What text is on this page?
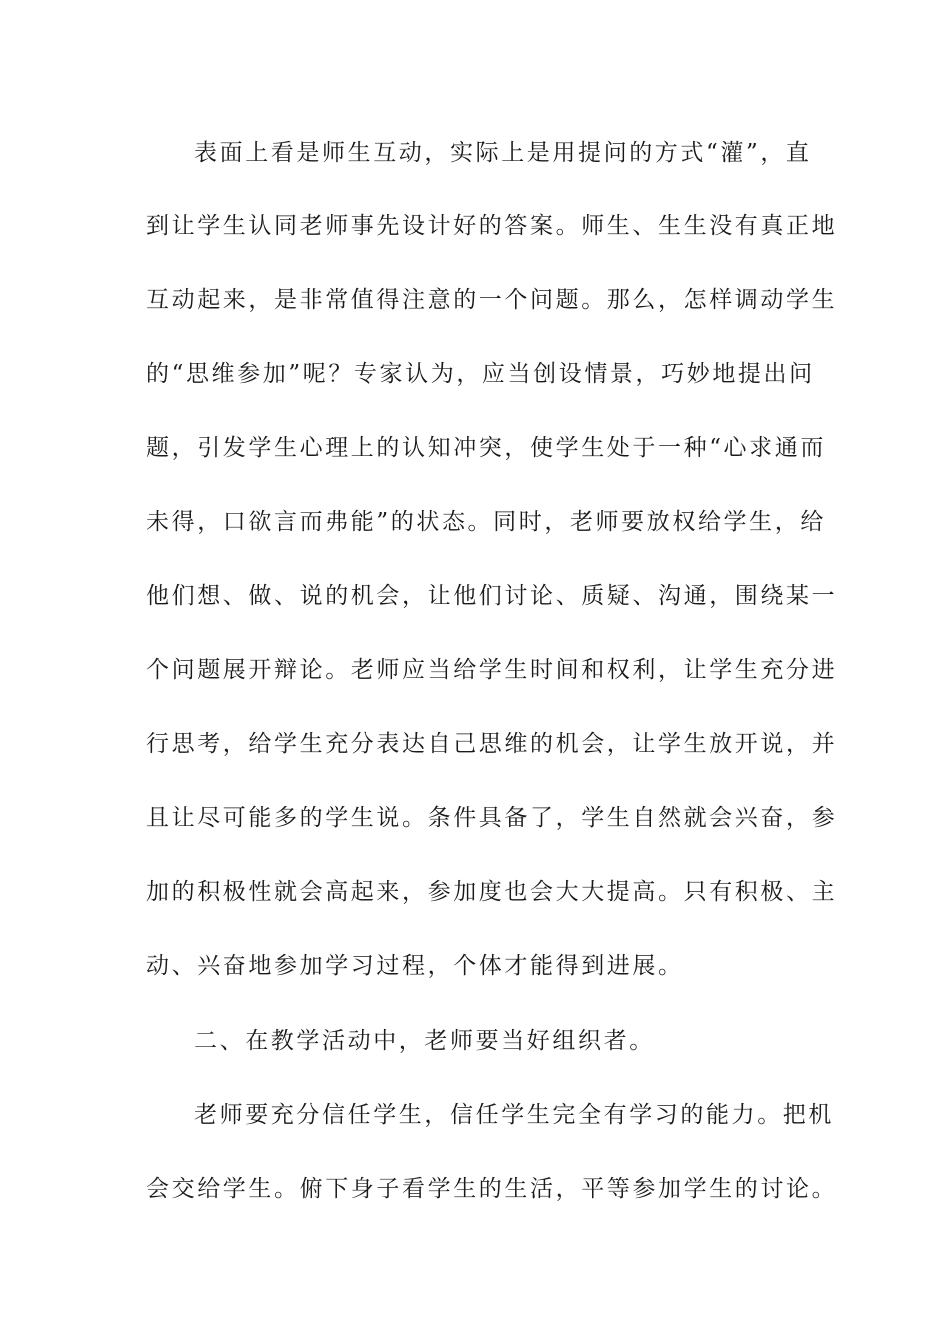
表面上看是师生互动，实际上是用提问的方式“灌”，直
到让学生认同老师事先设计好的答案。师生、生生没有真正地
互动起来，是非常值得注意的一个问题。那么，怎样调动学生
的“思维参加”呢？专家认为，应当创设情景，巧妙地提出问
题，引发学生心理上的认知冲突，使学生处于一种“心求通而
未得，口欲言而弗能”的状态。同时，老师要放权给学生，给
他们想、做、说的机会，让他们讨论、质疑、沟通，围绕某一
个问题展开辩论。老师应当给学生时间和权利，让学生充分进
行思考，给学生充分表达自己思维的机会，让学生放开说，并
且让尽可能多的学生说。条件具备了，学生自然就会兴奋，参
加的积极性就会高起来，参加度也会大大提高。只有积极、主
动、兴奋地参加学习过程，个体才能得到进展。
二、在教学活动中，老师要当好组织者。
老师要充分信任学生，信任学生完全有学习的能力。把机
会交给学生。俯下身子看学生的生活，平等参加学生的讨论。
